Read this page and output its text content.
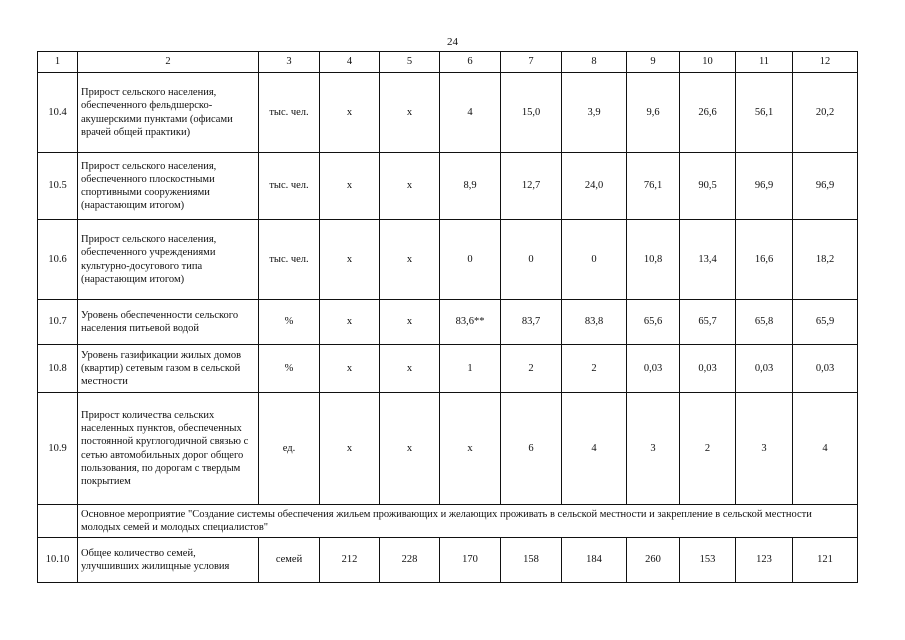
24
1	2	3	4	5	6	7	8	9	10	11	12
10.4	Прирост сельского населения, обеспеченного фельдшерско-акушерскими пунктами (офисами врачей общей практики)	тыс. чел.	х	х	4	15,0	3,9	9,6	26,6	56,1	20,2
10.5	Прирост сельского населения, обеспеченного плоскостными спортивными сооружениями (нарастающим итогом)	тыс. чел.	х	х	8,9	12,7	24,0	76,1	90,5	96,9	96,9
10.6	Прирост сельского населения, обеспеченного учреждениями культурно-досугового типа (нарастающим итогом)	тыс. чел.	х	х	0	0	0	10,8	13,4	16,6	18,2
10.7	Уровень обеспеченности сельского населения питьевой водой	%	х	х	83,6**	83,7	83,8	65,6	65,7	65,8	65,9
10.8	Уровень газификации жилых домов (квартир) сетевым газом в сельской местности	%	х	х	1	2	2	0,03	0,03	0,03	0,03
10.9	Прирост количества сельских населенных пунктов, обеспеченных постоянной круглогодичной связью с сетью автомобильных дорог общего пользования, по дорогам с твердым покрытием	ед.	х	х	х	6	4	3	2	3	4
	Основное мероприятие "Создание системы обеспечения жильем проживающих и желающих проживать в сельской местности и закрепление в сельской местности молодых семей и молодых специалистов"										
10.10	Общее количество семей, улучшивших жилищные условия	семей	212	228	170	158	184	260	153	123	121
